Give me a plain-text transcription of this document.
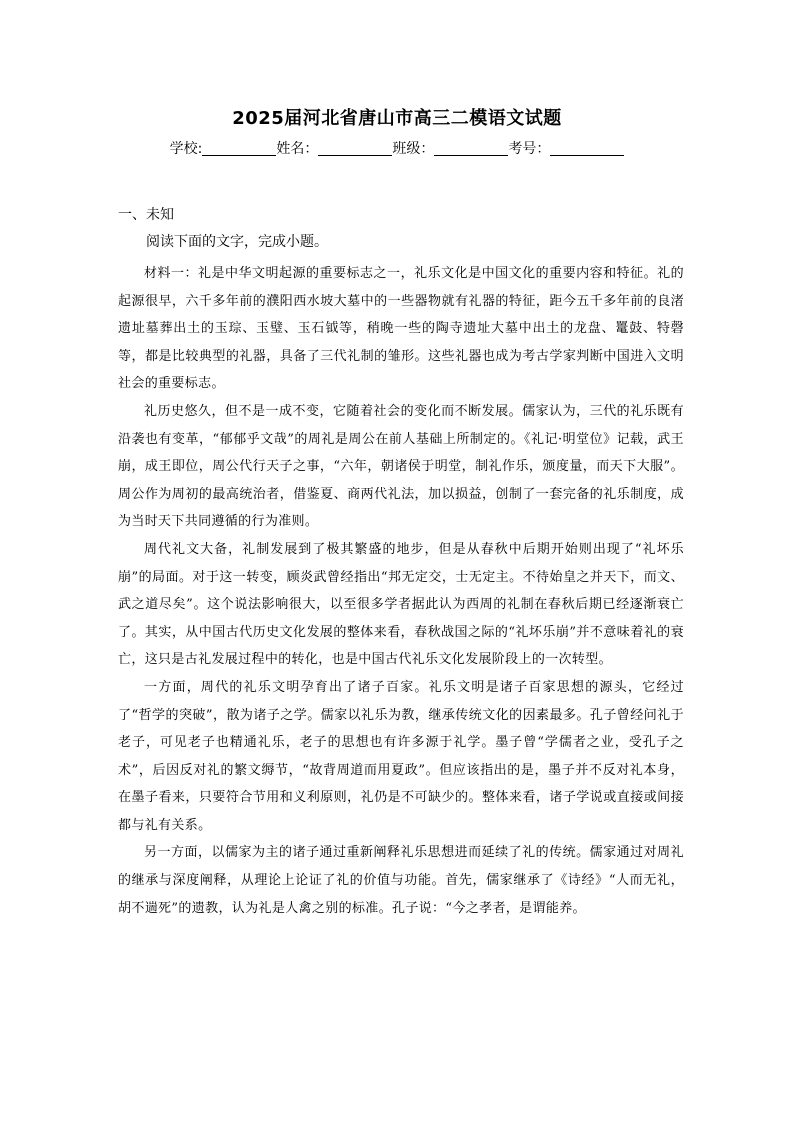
2025届河北省唐山市高三二模语文试题
学校:	姓名：	班级：	考号：
一、未知
阅读下面的文字，完成小题。

材料一：礼是中华文明起源的重要标志之一，礼乐文化是中国文化的重要内容和特征。礼的起源很早，六千多年前的濮阳西水坡大墓中的一些器物就有礼器的特征，距今五千多年前的良渚遗址墓葬出土的玉琮、玉璧、玉石钺等，稍晚一些的陶寺遗址大墓中出土的龙盘、鼍鼓、特磬等，都是比较典型的礼器，具备了三代礼制的雏形。这些礼器也成为考古学家判断中国进入文明社会的重要标志。

礼历史悠久，但不是一成不变，它随着社会的变化而不断发展。儒家认为，三代的礼乐既有沿袭也有变革，“郁郁乎文哉”的周礼是周公在前人基础上所制定的。《礼记·明堂位》记载，武王崩，成王即位，周公代行天子之事，“六年，朝诸侯于明堂，制礼作乐，颁度量，而天下大服”。周公作为周初的最高统治者，借鉴夏、商两代礼法，加以损益，创制了一套完备的礼乐制度，成为当时天下共同遵循的行为准则。

周代礼文大备，礼制发展到了极其繁盛的地步，但是从春秋中后期开始则出现了“礼坏乐崩”的局面。对于这一转变，顾炎武曾经指出“邦无定交，士无定主。不待始皇之并天下，而文、武之道尽矣”。这个说法影响很大，以至很多学者据此认为西周的礼制在春秋后期已经逐渐衰亡了。其实，从中国古代历史文化发展的整体来看，春秋战国之际的“礼坏乐崩”并不意味着礼的衰亡，这只是古礼发展过程中的转化，也是中国古代礼乐文化发展阶段上的一次转型。

一方面，周代的礼乐文明孕育出了诸子百家。礼乐文明是诸子百家思想的源头，它经过了“哲学的突破”，散为诸子之学。儒家以礼乐为教，继承传统文化的因素最多。孔子曾经问礼于老子，可见老子也精通礼乐，老子的思想也有许多源于礼学。墨子曾“学儒者之业，受孔子之术”，后因反对礼的繁文缛节，“故背周道而用夏政”。但应该指出的是，墨子并不反对礼本身，在墨子看来，只要符合节用和义利原则，礼仍是不可缺少的。整体来看，诸子学说或直接或间接都与礼有关系。

另一方面，以儒家为主的诸子通过重新阐释礼乐思想进而延续了礼的传统。儒家通过对周礼的继承与深度阐释，从理论上论证了礼的价值与功能。首先，儒家继承了《诗经》“人而无礼，胡不遄死”的遗教，认为礼是人禽之别的标准。孔子说：“今之孝者，是谓能养。
